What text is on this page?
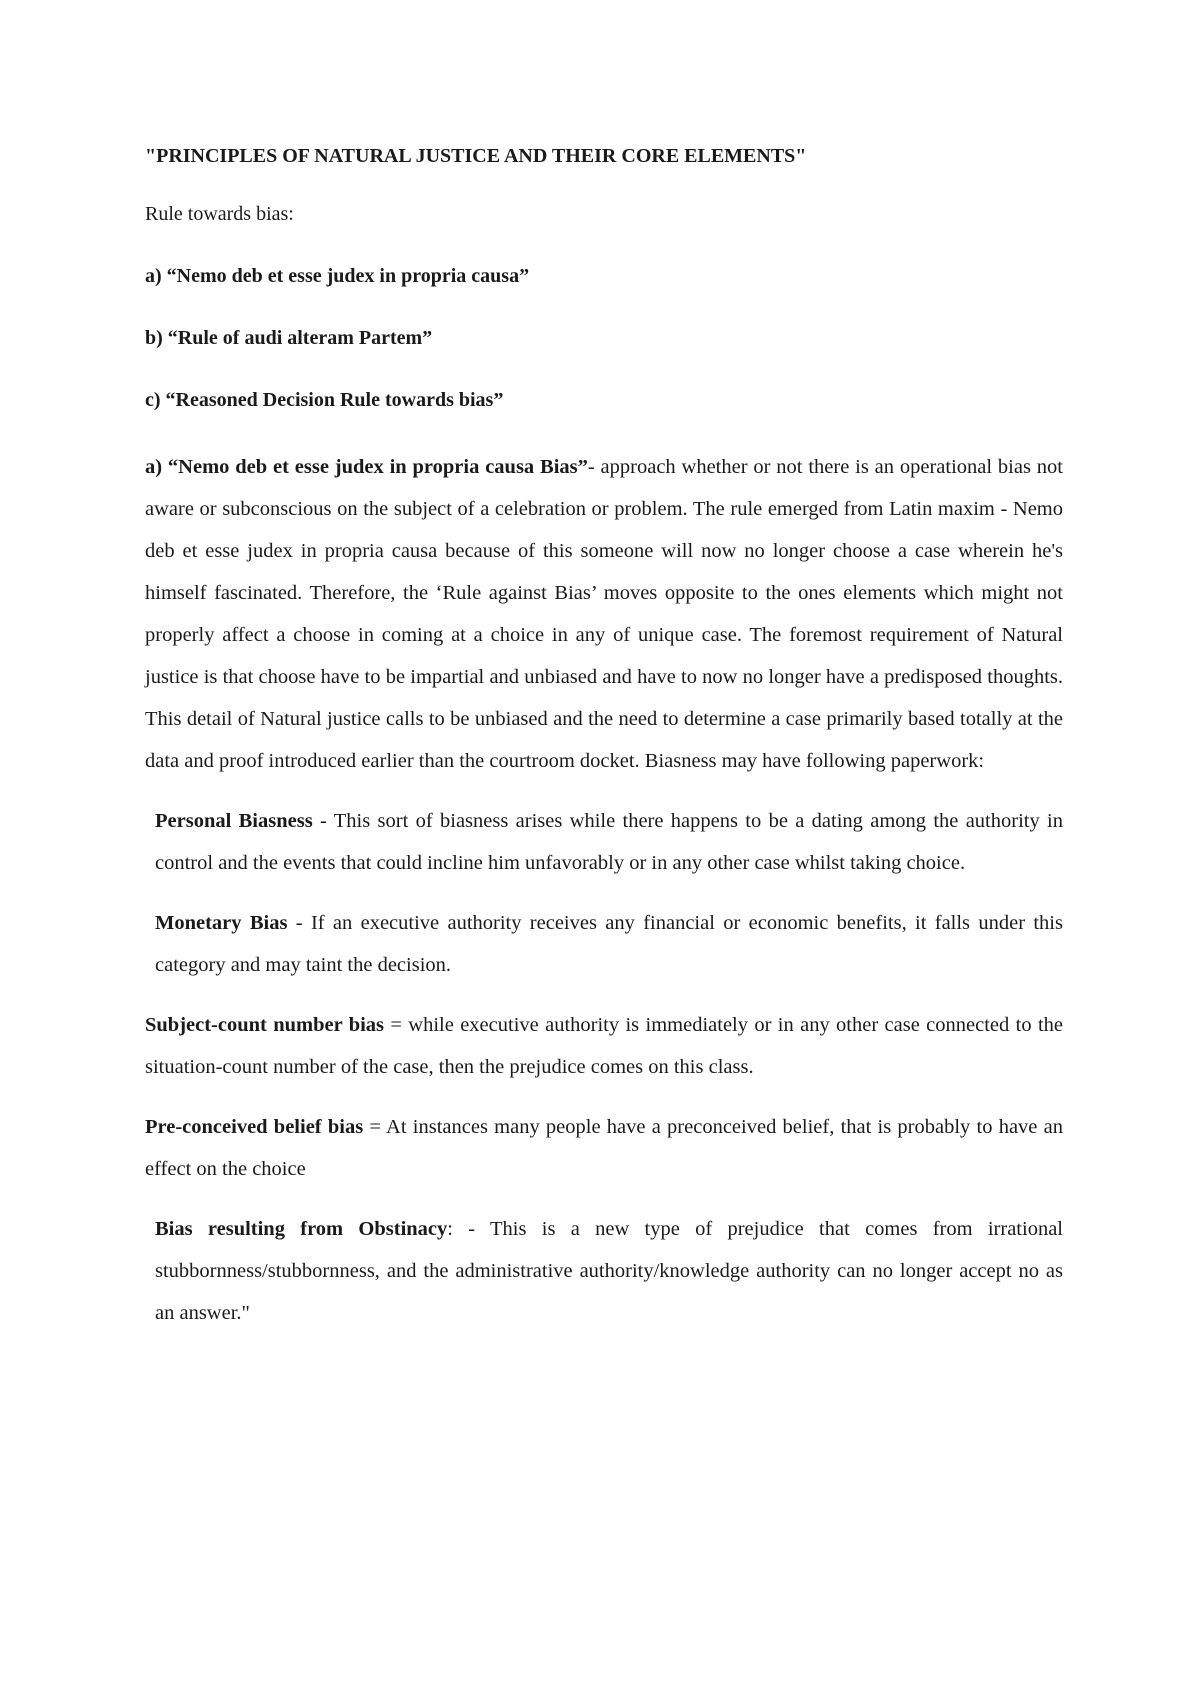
"PRINCIPLES OF NATURAL JUSTICE AND THEIR CORE ELEMENTS"

Rule towards bias:

a) “Nemo deb et esse judex in propria causa”

b) “Rule of audi alteram Partem”

c) “Reasoned Decision Rule towards bias”

a) “Nemo deb et esse judex in propria causa Bias”- approach whether or not there is an operational bias not aware or subconscious on the subject of a celebration or problem. The rule emerged from Latin maxim - Nemo deb et esse judex in propria causa because of this someone will now no longer choose a case wherein he's himself fascinated. Therefore, the ‘Rule against Bias’ moves opposite to the ones elements which might not properly affect a choose in coming at a choice in any of unique case. The foremost requirement of Natural justice is that choose have to be impartial and unbiased and have to now no longer have a predisposed thoughts. This detail of Natural justice calls to be unbiased and the need to determine a case primarily based totally at the data and proof introduced earlier than the courtroom docket. Biasness may have following paperwork:

Personal Biasness - This sort of biasness arises while there happens to be a dating among the authority in control and the events that could incline him unfavorably or in any other case whilst taking choice.

Monetary Bias - If an executive authority receives any financial or economic benefits, it falls under this category and may taint the decision.

Subject-count number bias = while executive authority is immediately or in any other case connected to the situation-count number of the case, then the prejudice comes on this class.

Pre-conceived belief bias = At instances many people have a preconceived belief, that is probably to have an effect on the choice

Bias resulting from Obstinacy: - This is a new type of prejudice that comes from irrational stubbornness/stubbornness, and the administrative authority/knowledge authority can no longer accept no as an answer."
